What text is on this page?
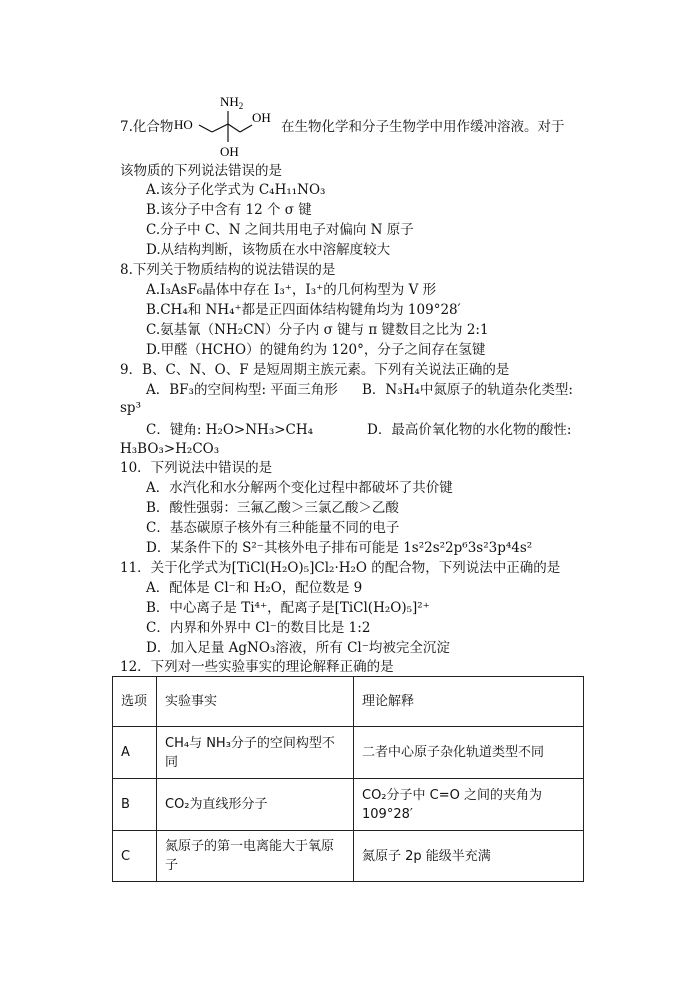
7.化合物
$NH_2$
HO	OH
OH
在生物化学和分子生物学中用作缓冲溶液。对于
该物质的下列说法错误的是
A.该分子化学式为 C₄H₁₁NO₃
B.该分子中含有 12 个 σ 键
C.分子中 C、N 之间共用电子对偏向 N 原子
D.从结构判断，该物质在水中溶解度较大
8.下列关于物质结构的说法错误的是
A.I₃AsF₆晶体中存在 I₃⁺，I₃⁺的几何构型为 V 形
B.CH₄和 NH₄⁺都是正四面体结构键角均为 109°28′
C.氨基氰（NH₂CN）分子内 σ 键与 π 键数目之比为 2:1
D.甲醛（HCHO）的键角约为 120°，分子之间存在氢键
9．B、C、N、O、F 是短周期主族元素。下列有关说法正确的是
A．BF₃的空间构型: 平面三角形 B．N₃H₄中氮原子的轨道杂化类型:
sp³
C．键角: H₂O>NH₃>CH₄	D．最高价氧化物的水化物的酸性:
H₃BO₃>H₂CO₃
10．下列说法中错误的是
A．水汽化和水分解两个变化过程中都破坏了共价键
B．酸性强弱：三氟乙酸＞三氯乙酸＞乙酸
C．基态碳原子核外有三种能量不同的电子
D．某条件下的 S²⁻其核外电子排布可能是 1s²2s²2p⁶3s²3p⁴4s²
11．关于化学式为[TiCl(H₂O)₅]Cl₂·H₂O 的配合物，下列说法中正确的是
A．配体是 Cl⁻和 H₂O，配位数是 9
B．中心离子是 Ti⁴⁺，配离子是[TiCl(H₂O)₅]²⁺
C．内界和外界中 Cl⁻的数目比是 1:2
D．加入足量 AgNO₃溶液，所有 Cl⁻均被完全沉淀
12．下列对一些实验事实的理论解释正确的是
选项	实验事实	理论解释
A	CH₄与 NH₃分子的空间构型不同	二者中心原子杂化轨道类型不同
B	CO₂为直线形分子	CO₂分子中 C=O 之间的夹角为 109°28′
C	氮原子的第一电离能大于氧原子	氮原子 2p 能级半充满
